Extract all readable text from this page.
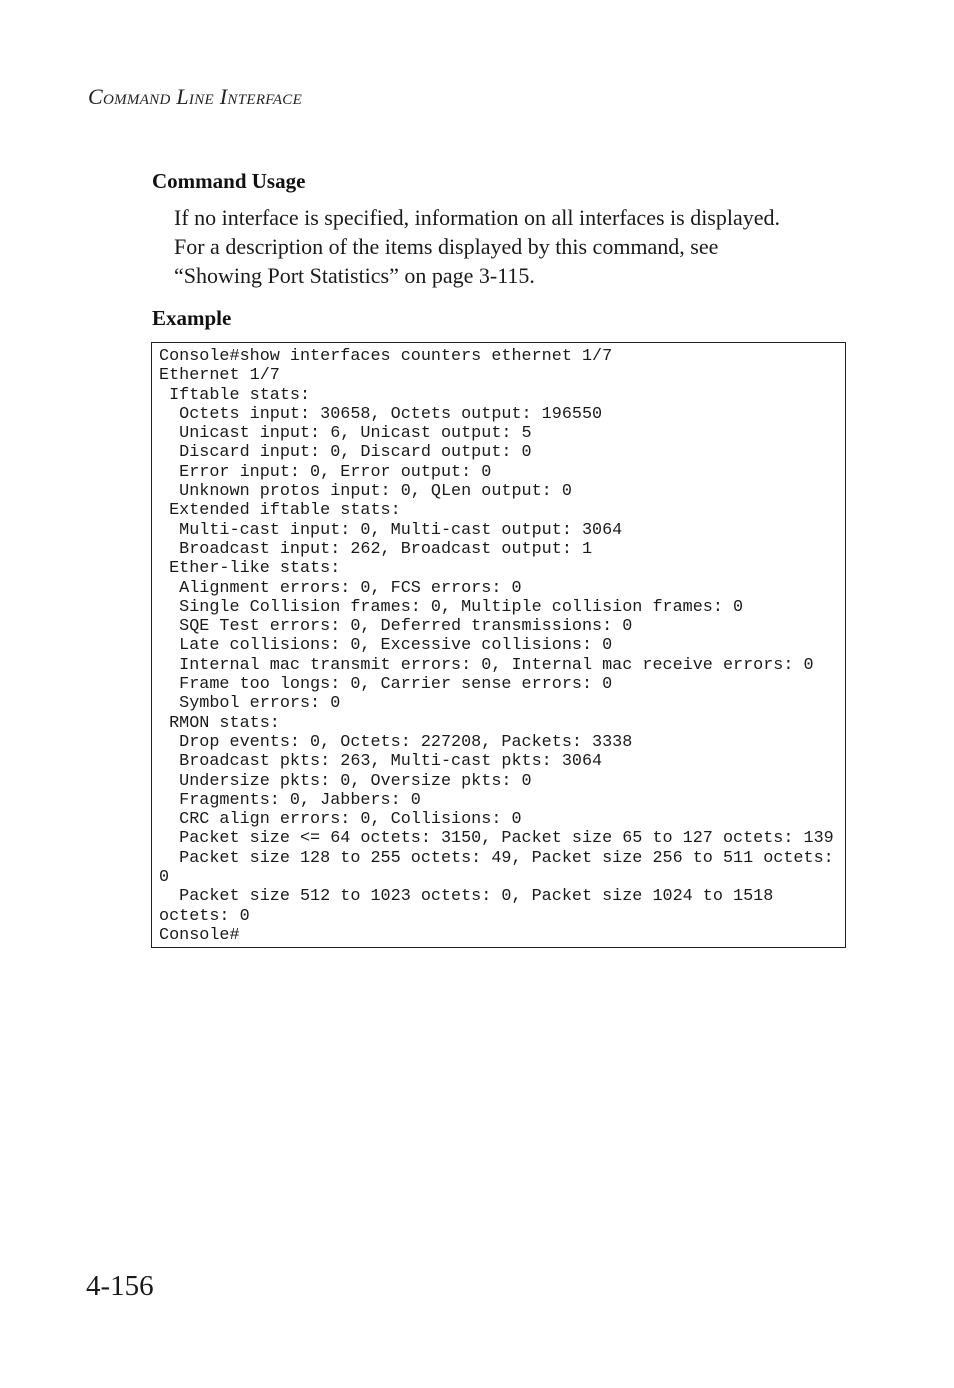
Command Line Interface
Command Usage
If no interface is specified, information on all interfaces is displayed.
For a description of the items displayed by this command, see
“Showing Port Statistics” on page 3-115.
Example
Console#show interfaces counters ethernet 1/7
Ethernet 1/7
Iftable stats:
Octets input: 30658, Octets output: 196550
Unicast input: 6, Unicast output: 5
Discard input: 0, Discard output: 0
Error input: 0, Error output: 0
Unknown protos input: 0, QLen output: 0
Extended iftable stats:
Multi-cast input: 0, Multi-cast output: 3064
Broadcast input: 262, Broadcast output: 1
Ether-like stats:
Alignment errors: 0, FCS errors: 0
Single Collision frames: 0, Multiple collision frames: 0
SQE Test errors: 0, Deferred transmissions: 0
Late collisions: 0, Excessive collisions: 0
Internal mac transmit errors: 0, Internal mac receive errors: 0
Frame too longs: 0, Carrier sense errors: 0
Symbol errors: 0
RMON stats:
Drop events: 0, Octets: 227208, Packets: 3338
Broadcast pkts: 263, Multi-cast pkts: 3064
Undersize pkts: 0, Oversize pkts: 0
Fragments: 0, Jabbers: 0
CRC align errors: 0, Collisions: 0
Packet size <= 64 octets: 3150, Packet size 65 to 127 octets: 139
Packet size 128 to 255 octets: 49, Packet size 256 to 511 octets:
0
Packet size 512 to 1023 octets: 0, Packet size 1024 to 1518
octets: 0
Console#
4-156
